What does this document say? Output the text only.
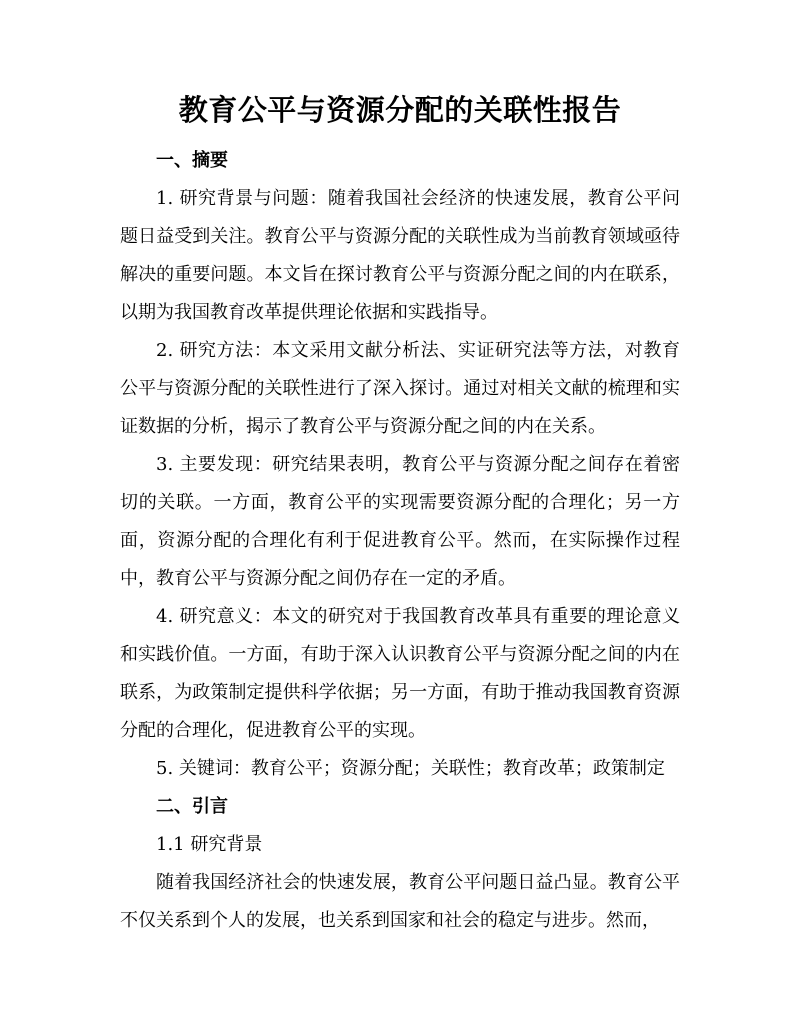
教育公平与资源分配的关联性报告
一、摘要

1. 研究背景与问题：随着我国社会经济的快速发展，教育公平问题日益受到关注。教育公平与资源分配的关联性成为当前教育领域亟待解决的重要问题。本文旨在探讨教育公平与资源分配之间的内在联系，以期为我国教育改革提供理论依据和实践指导。

2. 研究方法：本文采用文献分析法、实证研究法等方法，对教育公平与资源分配的关联性进行了深入探讨。通过对相关文献的梳理和实证数据的分析，揭示了教育公平与资源分配之间的内在关系。

3. 主要发现：研究结果表明，教育公平与资源分配之间存在着密切的关联。一方面，教育公平的实现需要资源分配的合理化；另一方面，资源分配的合理化有利于促进教育公平。然而，在实际操作过程中，教育公平与资源分配之间仍存在一定的矛盾。

4. 研究意义：本文的研究对于我国教育改革具有重要的理论意义和实践价值。一方面，有助于深入认识教育公平与资源分配之间的内在联系，为政策制定提供科学依据；另一方面，有助于推动我国教育资源分配的合理化，促进教育公平的实现。

5. 关键词：教育公平；资源分配；关联性；教育改革；政策制定

二、引言
1.1 研究背景

随着我国经济社会的快速发展，教育公平问题日益凸显。教育公平不仅关系到个人的发展，也关系到国家和社会的稳定与进步。然而，
